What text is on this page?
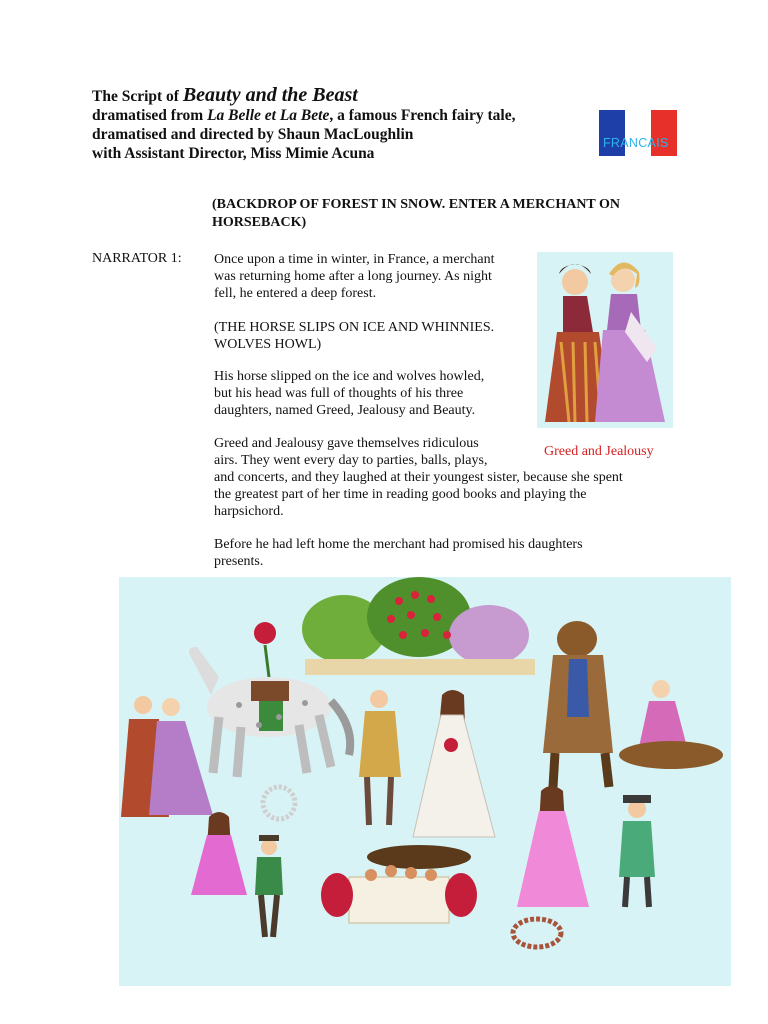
The Script of Beauty and the Beast
dramatised from La Belle et La Bete, a famous French fairy tale,
dramatised and directed by Shaun MacLoughlin
with Assistant Director, Miss Mimie Acuna
FRANCAIS
(BACKDROP OF FOREST IN SNOW. ENTER A MERCHANT ON HORSEBACK)
NARRATOR 1: Once upon a time in winter, in France, a merchant
was returning home after a long journey. As night
fell, he entered a deep forest.
(THE HORSE SLIPS ON ICE AND WHINNIES.
WOLVES HOWL)
His horse slipped on the ice and wolves howled,
but his head was full of thoughts of his three
daughters, named Greed, Jealousy and Beauty.
Greed and Jealousy gave themselves ridiculous
airs. They went every day to parties, balls, plays,
and concerts, and they laughed at their youngest sister, because she spent
the greatest part of her time in reading good books and playing the
harpsichord.
Before he had left home the merchant had promised his daughters
presents.
Greed and Jealousy
